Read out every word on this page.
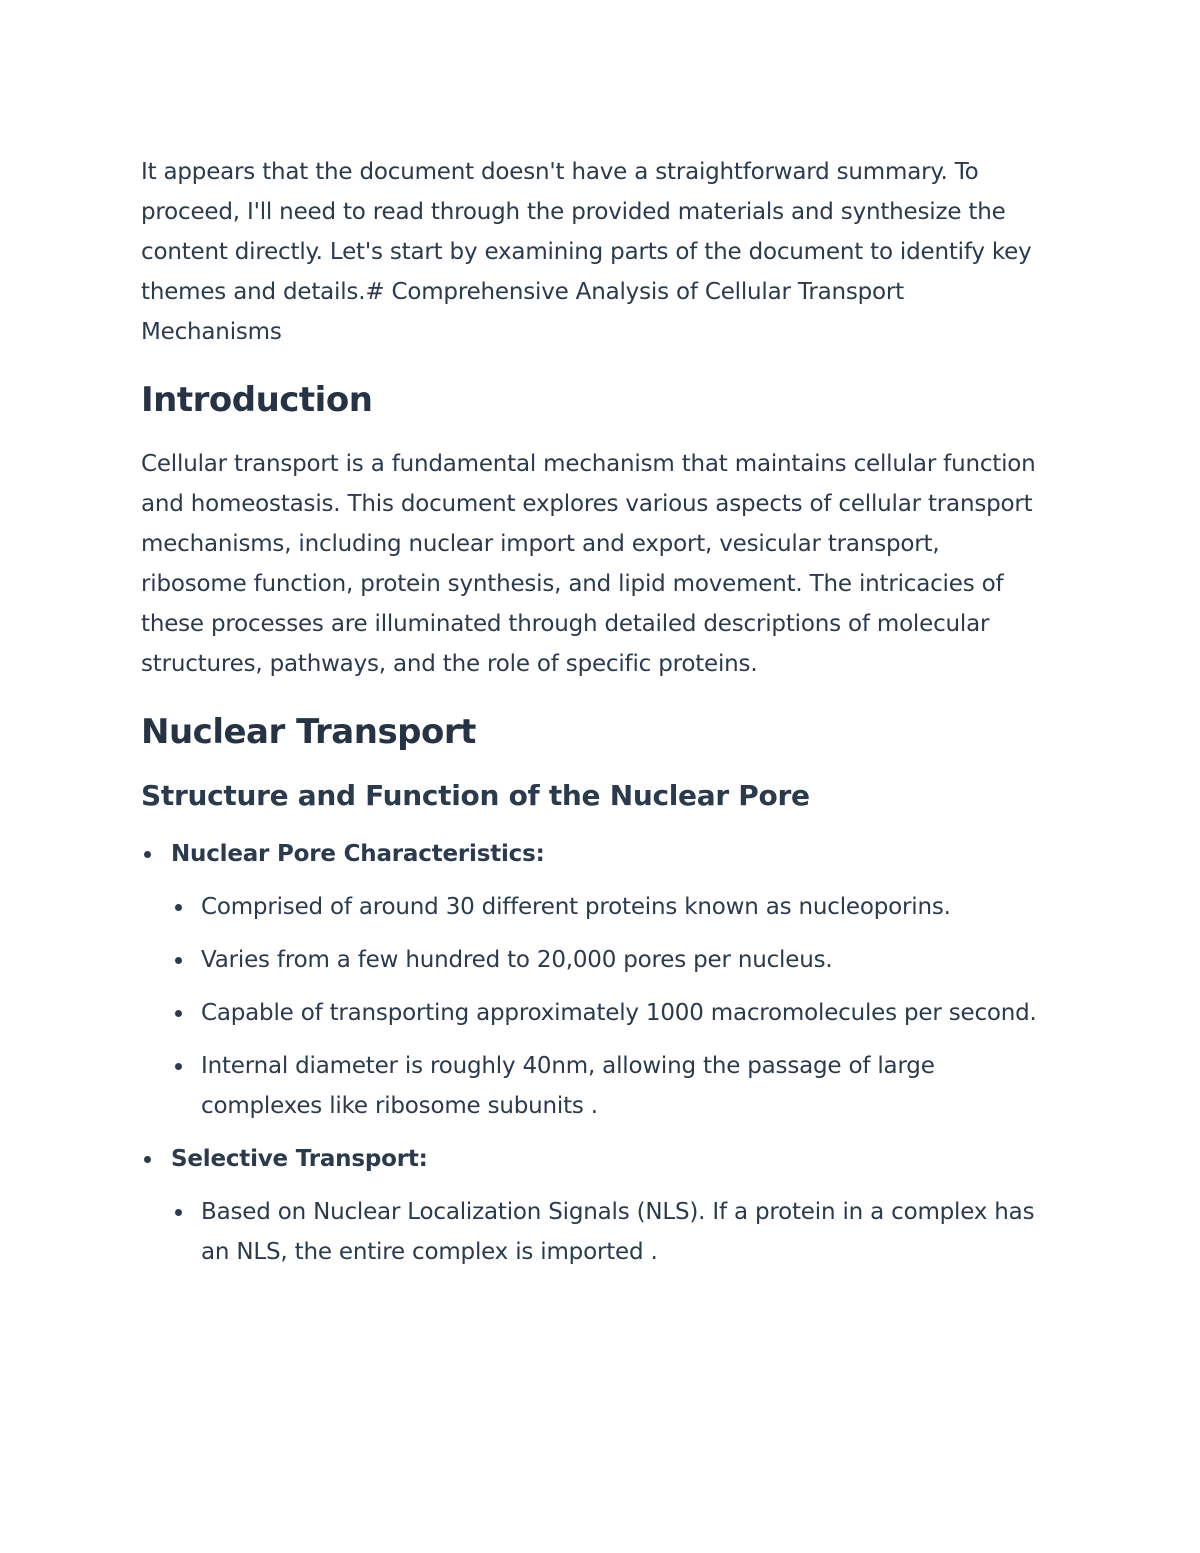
It appears that the document doesn't have a straightforward summary. To proceed, I'll need to read through the provided materials and synthesize the content directly. Let's start by examining parts of the document to identify key themes and details.# Comprehensive Analysis of Cellular Transport Mechanisms

Introduction

Cellular transport is a fundamental mechanism that maintains cellular function and homeostasis. This document explores various aspects of cellular transport mechanisms, including nuclear import and export, vesicular transport, ribosome function, protein synthesis, and lipid movement. The intricacies of these processes are illuminated through detailed descriptions of molecular structures, pathways, and the role of specific proteins.

Nuclear Transport
Structure and Function of the Nuclear Pore
Nuclear Pore Characteristics:
Comprised of around 30 different proteins known as nucleoporins.
Varies from a few hundred to 20,000 pores per nucleus.
Capable of transporting approximately 1000 macromolecules per second.
Internal diameter is roughly 40nm, allowing the passage of large complexes like ribosome subunits .
Selective Transport:
Based on Nuclear Localization Signals (NLS). If a protein in a complex has an NLS, the entire complex is imported .
